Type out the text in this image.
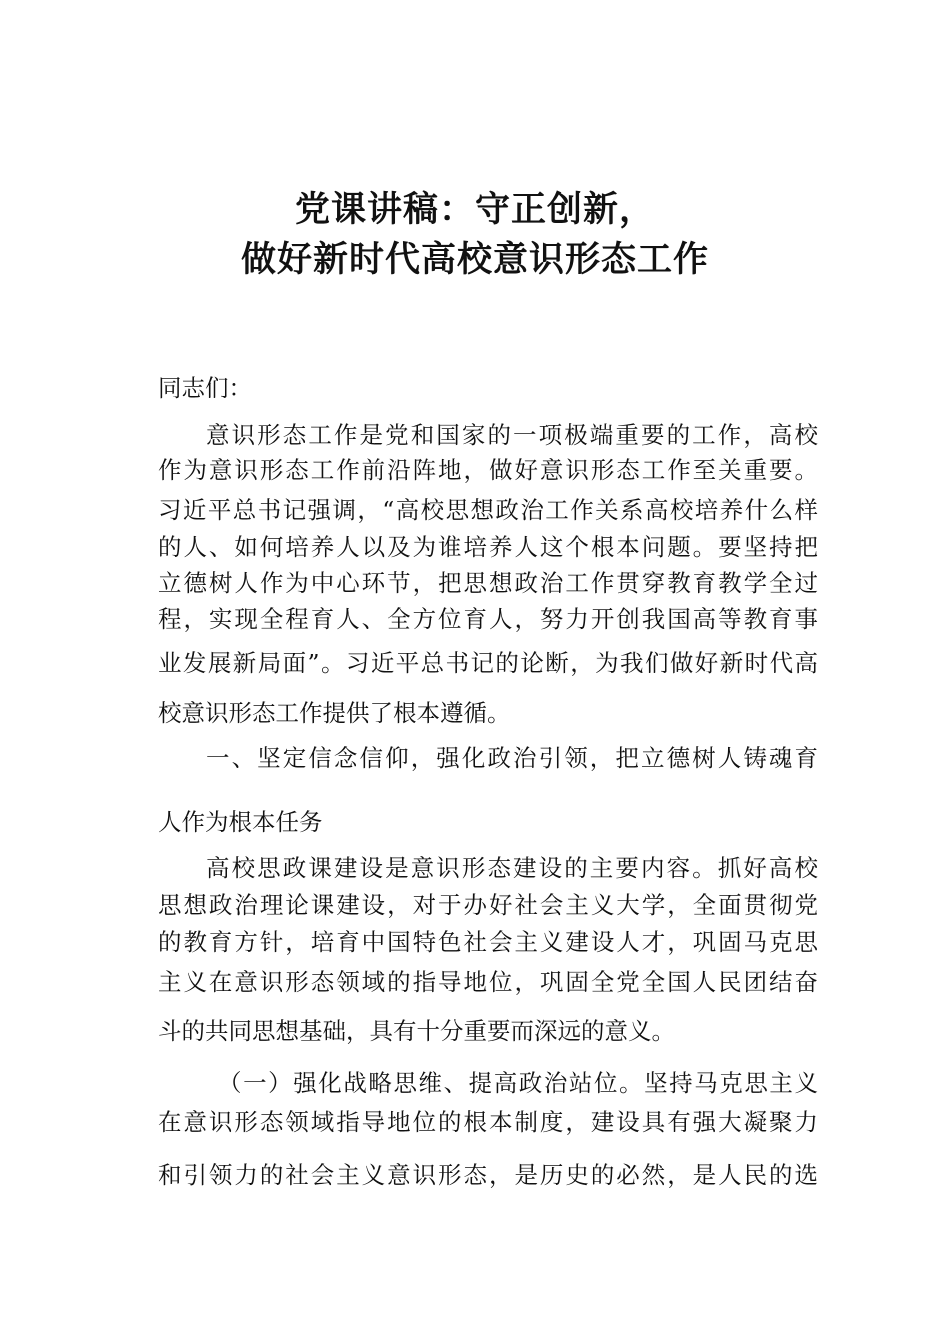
党课讲稿：守正创新，
做好新时代高校意识形态工作
同志们：
意识形态工作是党和国家的一项极端重要的工作，高校
作为意识形态工作前沿阵地，做好意识形态工作至关重要。
习近平总书记强调，“高校思想政治工作关系高校培养什么样
的人、如何培养人以及为谁培养人这个根本问题。要坚持把
立德树人作为中心环节，把思想政治工作贯穿教育教学全过
程，实现全程育人、全方位育人，努力开创我国高等教育事
业发展新局面”。习近平总书记的论断，为我们做好新时代高
校意识形态工作提供了根本遵循。
一、坚定信念信仰，强化政治引领，把立德树人铸魂育
人作为根本任务
高校思政课建设是意识形态建设的主要内容。抓好高校
思想政治理论课建设，对于办好社会主义大学，全面贯彻党
的教育方针，培育中国特色社会主义建设人才，巩固马克思
主义在意识形态领域的指导地位，巩固全党全国人民团结奋
斗的共同思想基础，具有十分重要而深远的意义。
（一）强化战略思维、提高政治站位。坚持马克思主义
在意识形态领域指导地位的根本制度，建设具有强大凝聚力
和引领力的社会主义意识形态，是历史的必然，是人民的选
